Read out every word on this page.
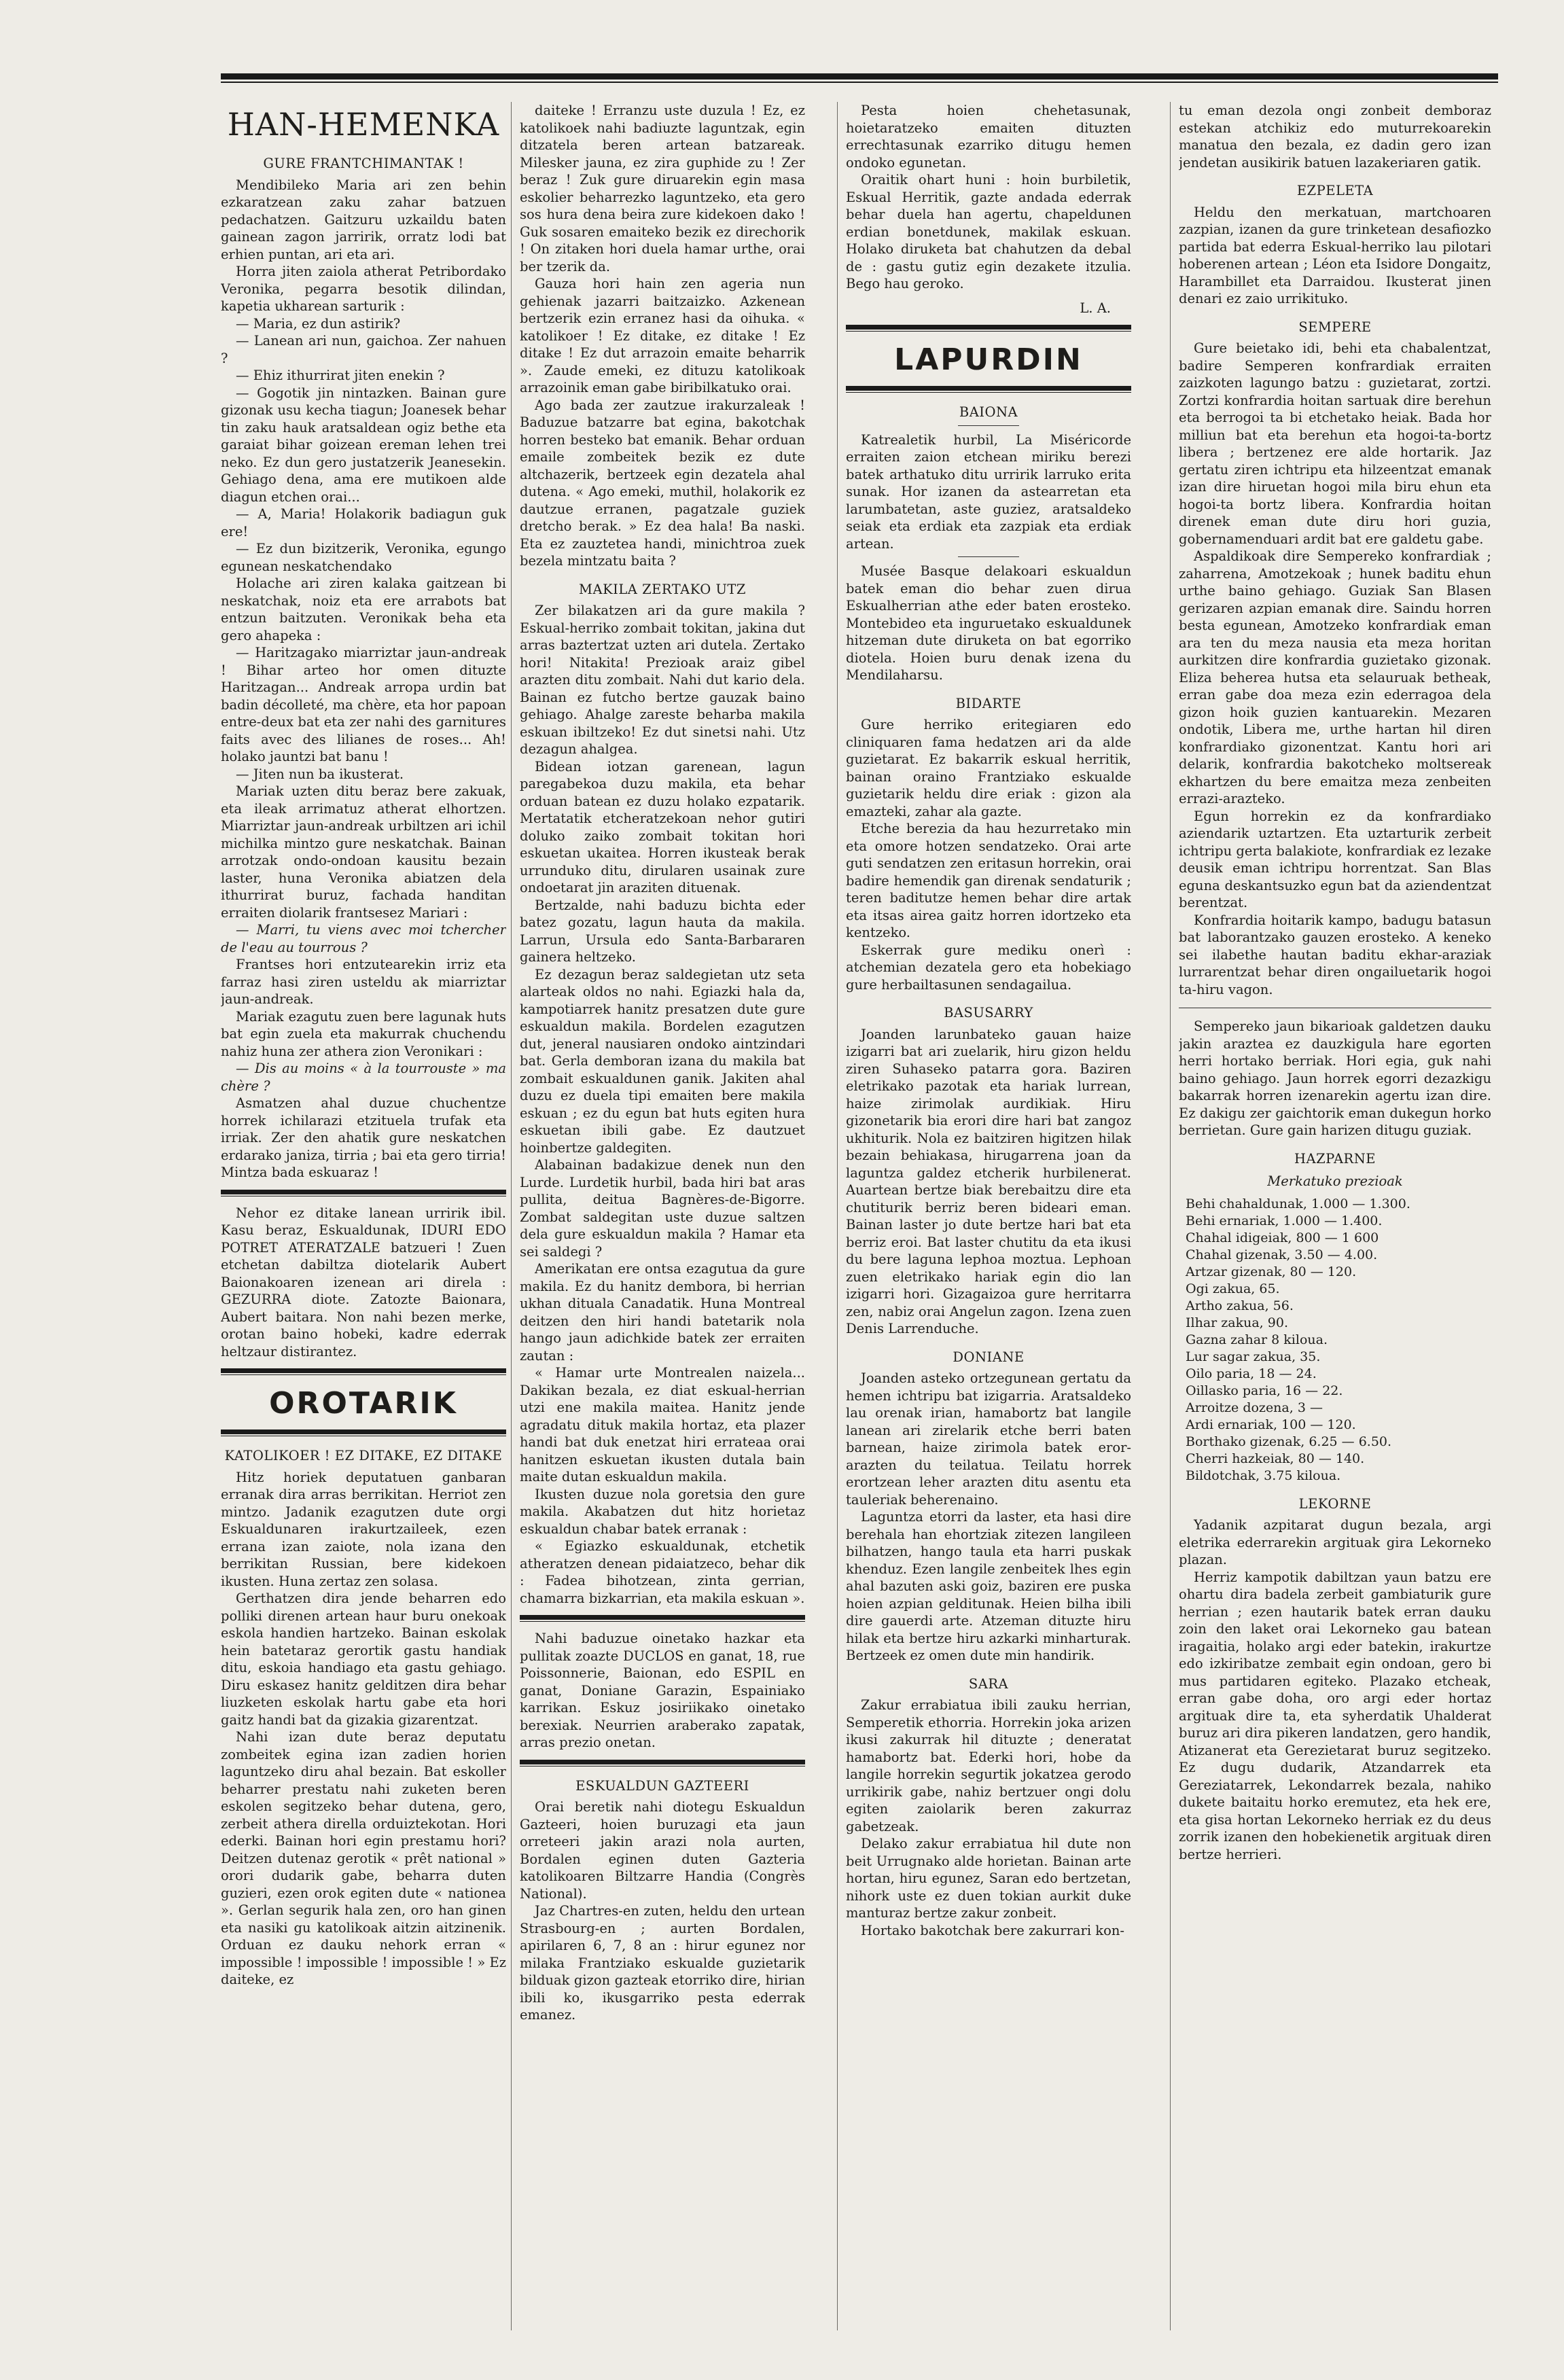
HAN-HEMENKA
GURE FRANTCHIMANTAK !

Mendibileko Maria ari zen behin ezkaratzean zaku zahar batzuen pedachatzen. Gaitzuru uzkaildu baten gainean zagon jarririk, orratz lodi bat erhien puntan, ari eta ari.

Horra jiten zaiola atherat Petribordako Veronika, pegarra besotik dilindan, kapetia ukharean sarturik :

— Maria, ez dun astirik?

— Lanean ari nun, gaichoa. Zer nahuen ?

— Ehiz ithurrirat jiten enekin ?

— Gogotik jin nintazken. Bainan gure gizonak usu kecha tiagun; Joanesek behar tin zaku hauk aratsaldean ogiz bethe eta garaiat bihar goizean ereman lehen trei neko. Ez dun gero justatzerik Jeanesekin. Gehiago dena, ama ere mutikoen alde diagun etchen orai...

— A, Maria! Holakorik badiagun guk ere!

— Ez dun bizitzerik, Veronika, egungo egunean neskatchendako

Holache ari ziren kalaka gaitzean bi neskatchak, noiz eta ere arrabots bat entzun baitzuten. Veronikak beha eta gero ahapeka :

— Haritzagako miarriztar jaun-andreak ! Bihar arteo hor omen dituzte Haritzagan... Andreak arropa urdin bat badin décolleté, ma chère, eta hor papoan entre-deux bat eta zer nahi des garnitures faits avec des lilianes de roses... Ah! holako jauntzi bat banu !

— Jiten nun ba ikusterat.

Mariak uzten ditu beraz bere zakuak, eta ileak arrimatuz atherat elhortzen. Miarriztar jaun-andreak urbiltzen ari ichil michilka mintzo gure neskatchak. Bainan arrotzak ondo-ondoan kausitu bezain laster, huna Veronika abiatzen dela ithurrirat buruz, fachada handitan erraiten diolarik frantsesez Mariari :

— Marri, tu viens avec moi tchercher de l'eau au tourrous ?

Frantses hori entzutearekin irriz eta farraz hasi ziren usteldu ak miarriztar jaun-andreak.

Mariak ezagutu zuen bere lagunak huts bat egin zuela eta makurrak chuchendu nahiz huna zer athera zion Veronikari :

— Dis au moins « à la tourrouste » ma chère ?

Asmatzen ahal duzue chuchentze horrek ichilarazi etzituela trufak eta irriak. Zer den ahatik gure neskatchen erdarako janiza, tirria ; bai eta gero tirria! Mintza bada eskuaraz !

Nehor ez ditake lanean urririk ibil. Kasu beraz, Eskualdunak, IDURI EDO POTRET ATERATZALE batzueri ! Zuen etchetan dabiltza diotelarik Aubert Baionakoaren izenean ari direla : GEZURRA diote. Zatozte Baionara, Aubert baitara. Non nahi bezen merke, orotan baino hobeki, kadre ederrak heltzaur distirantez.

OROTARIK
KATOLIKOER ! EZ DITAKE, EZ DITAKE

Hitz horiek deputatuen ganbaran erranak dira arras berrikitan. Herriot zen mintzo. Jadanik ezagutzen dute orgi Eskualdunaren irakurtzaileek, ezen errana izan zaiote, nola izana den berrikitan Russian, bere kidekoen ikusten. Huna zertaz zen solasa.

Gerthatzen dira jende beharren edo polliki direnen artean haur buru onekoak eskola handien hartzeko. Bainan eskolak hein batetaraz gerortik gastu handiak ditu, eskoia handiago eta gastu gehiago. Diru eskasez hanitz gelditzen dira behar liuzketen eskolak hartu gabe eta hori gaitz handi bat da gizakia gizarentzat.

Nahi izan dute beraz deputatu zombeitek egina izan zadien horien laguntzeko diru ahal bezain. Bat eskoller beharrer prestatu nahi zuketen beren eskolen segitzeko behar dutena, gero, zerbeit athera dirella orduiztekotan. Hori ederki. Bainan hori egin prestamu hori? Deitzen dutenaz gerotik « prêt national » orori dudarik gabe, beharra duten guzieri, ezen orok egiten dute « nationea ». Gerlan segurik hala zen, oro han ginen eta nasiki gu katolikoak aitzin aitzinenik. Orduan ez dauku nehork erran « impossible ! impossible ! impossible ! » Ez daiteke, ez

daiteke ! Erranzu uste duzula ! Ez, ez katolikoek nahi badiuzte laguntzak, egin ditzatela beren artean batzareak. Milesker jauna, ez zira guphide zu ! Zer beraz ! Zuk gure diruarekin egin masa eskolier beharrezko laguntzeko, eta gero sos hura dena beira zure kidekoen dako ! Guk sosaren emaiteko bezik ez direchorik ! On zitaken hori duela hamar urthe, orai ber tzerik da.

Gauza hori hain zen ageria nun gehienak jazarri baitzaizko. Azkenean bertzerik ezin erranez hasi da oihuka. « katolikoer ! Ez ditake, ez ditake ! Ez ditake ! Ez dut arrazoin emaite beharrik ». Zaude emeki, ez dituzu katolikoak arrazoinik eman gabe biribilkatuko orai.

Ago bada zer zautzue irakurzaleak ! Baduzue batzarre bat egina, bakotchak horren besteko bat emanik. Behar orduan emaile zombeitek bezik ez dute altchazerik, bertzeek egin dezatela ahal dutena. « Ago emeki, muthil, holakorik ez dautzue erranen, pagatzale guziek dretcho berak. » Ez dea hala! Ba naski. Eta ez zauztetea handi, minichtroa zuek bezela mintzatu baita ?

MAKILA ZERTAKO UTZ

Zer bilakatzen ari da gure makila ? Eskual-herriko zombait tokitan, jakina dut arras baztertzat uzten ari dutela. Zertako hori! Nitakita! Prezioak araiz gibel arazten ditu zombait. Nahi dut kario dela. Bainan ez futcho bertze gauzak baino gehiago. Ahalge zareste beharba makila eskuan ibiltzeko! Ez dut sinetsi nahi. Utz dezagun ahalgea.

Bidean iotzan garenean, lagun paregabekoa duzu makila, eta behar orduan batean ez duzu holako ezpatarik. Mertatatik etcheratzekoan nehor gutiri doluko zaiko zombait tokitan hori eskuetan ukaitea. Horren ikusteak berak urrunduko ditu, dirularen usainak zure ondoetarat jin araziten dituenak.

Bertzalde, nahi baduzu bichta eder batez gozatu, lagun hauta da makila. Larrun, Ursula edo Santa-Barbararen gainera heltzeko.

Ez dezagun beraz saldegietan utz seta alarteak oldos no nahi. Egiazki hala da, kampotiarrek hanitz presatzen dute gure eskualdun makila. Bordelen ezagutzen dut, jeneral nausiaren ondoko aintzindari bat. Gerla demboran izana du makila bat zombait eskualdunen ganik. Jakiten ahal duzu ez duela tipi emaiten bere makila eskuan ; ez du egun bat huts egiten hura eskuetan ibili gabe. Ez dautzuet hoinbertze galdegiten.

Alabainan badakizue denek nun den Lurde. Lurdetik hurbil, bada hiri bat aras pullita, deitua Bagnères-de-Bigorre. Zombat saldegitan uste duzue saltzen dela gure eskualdun makila ? Hamar eta sei saldegi ?

Amerikatan ere ontsa ezagutua da gure makila. Ez du hanitz dembora, bi herrian ukhan dituala Canadatik. Huna Montreal deitzen den hiri handi batetarik nola hango jaun adichkide batek zer erraiten zautan :

« Hamar urte Montrealen naizela... Dakikan bezala, ez diat eskual-herrian utzi ene makila maitea. Hanitz jende agradatu dituk makila hortaz, eta plazer handi bat duk enetzat hiri errateaa orai hanitzen eskuetan ikusten dutala bain maite dutan eskualdun makila.

Ikusten duzue nola goretsia den gure makila. Akabatzen dut hitz horietaz eskualdun chabar batek erranak :

« Egiazko eskualdunak, etchetik atheratzen denean pidaiatzeco, behar dik : Fadea bihotzean, zinta gerrian, chamarra bizkarrian, eta makila eskuan ».

Nahi baduzue oinetako hazkar eta pullitak zoazte DUCLOS en ganat, 18, rue Poissonnerie, Baionan, edo ESPIL en ganat, Doniane Garazin, Espainiako karrikan. Eskuz josiriikako oinetako berexiak. Neurrien araberako zapatak, arras prezio onetan.

ESKUALDUN GAZTEERI

Orai beretik nahi diotegu Eskualdun Gazteeri, hoien buruzagi eta jaun orreteeri jakin arazi nola aurten, Bordalen eginen duten Gazteria katolikoaren Biltzarre Handia (Congrès National).

Jaz Chartres-en zuten, heldu den urtean Strasbourg-en ; aurten Bordalen, apirilaren 6, 7, 8 an : hirur egunez nor milaka Frantziako eskualde guzietarik bilduak gizon gazteak etorriko dire, hirian ibili ko, ikusgarriko pesta ederrak emanez.

Pesta hoien chehetasunak, hoietaratzeko emaiten dituzten errechtasunak ezarriko ditugu hemen ondoko egunetan.

Oraitik ohart huni : hoin burbiletik, Eskual Herritik, gazte andada ederrak behar duela han agertu, chapeldunen erdian bonetdunek, makilak eskuan. Holako diruketa bat chahutzen da debal de : gastu gutiz egin dezakete itzulia. Bego hau geroko.

L. A.
LAPURDIN
BAIONA

Katrealetik hurbil, La Miséricorde erraiten zaion etchean miriku berezi batek arthatuko ditu urririk larruko erita sunak. Hor izanen da astearretan eta larumbatetan, aste guziez, aratsaldeko seiak eta erdiak eta zazpiak eta erdiak artean.

Musée Basque delakoari eskualdun batek eman dio behar zuen dirua Eskualherrian athe eder baten erosteko. Montebideo eta inguruetako eskualdunek hitzeman dute diruketa on bat egorriko diotela. Hoien buru denak izena du Mendilaharsu.

BIDARTE

Gure herriko eritegiaren edo cliniquaren fama hedatzen ari da alde guzietarat. Ez bakarrik eskual herritik, bainan oraino Frantziako eskualde guzietarik heldu dire eriak : gizon ala emazteki, zahar ala gazte.

Etche berezia da hau hezurretako min eta omore hotzen sendatzeko. Orai arte guti sendatzen zen eritasun horrekin, orai badire hemendik gan direnak sendaturik ; teren baditutze hemen behar dire artak eta itsas airea gaitz horren idortzeko eta kentzeko.

Eskerrak gure mediku onerì : atchemian dezatela gero eta hobekiago gure herbailtasunen sendagailua.

BASUSARRY

Joanden larunbateko gauan haize izigarri bat ari zuelarik, hiru gizon heldu ziren Suhaseko patarra gora. Baziren eletrikako pazotak eta hariak lurrean, haize zirimolak aurdikiak. Hiru gizonetarik bia erori dire hari bat zangoz ukhiturik. Nola ez baitziren higitzen hilak bezain behiakasa, hirugarrena joan da laguntza galdez etcherik hurbilenerat. Auartean bertze biak berebaitzu dire eta chutiturik berriz beren bideari eman. Bainan laster jo dute bertze hari bat eta berriz eroi. Bat laster chutitu da eta ikusi du bere laguna lephoa moztua. Lephoan zuen eletrikako hariak egin dio lan izigarri hori. Gizagaizoa gure herritarra zen, nabiz orai Angelun zagon. Izena zuen Denis Larrenduche.

DONIANE

Joanden asteko ortzegunean gertatu da hemen ichtripu bat izigarria. Aratsaldeko lau orenak irian, hamabortz bat langile lanean ari zirelarik etche berri baten barnean, haize zirimola batek eror-arazten du teilatua. Teilatu horrek erortzean leher arazten ditu asentu eta tauleriak beherenaino.

Laguntza etorri da laster, eta hasi dire berehala han ehortziak zitezen langileen bilhatzen, hango taula eta harri puskak khenduz. Ezen langile zenbeitek lhes egin ahal bazuten aski goiz, baziren ere puska hoien azpian gelditunak. Heien bilha ibili dire gauerdi arte. Atzeman dituzte hiru hilak eta bertze hiru azkarki minharturak. Bertzeek ez omen dute min handirik.

SARA

Zakur errabiatua ibili zauku herrian, Semperetik ethorria. Horrekin joka arizen ikusi zakurrak hil dituzte ; deneratat hamabortz bat. Ederki hori, hobe da langile horrekin segurtik jokatzea gerodo urrikirik gabe, nahiz bertzuer ongi dolu egiten zaiolarik beren zakurraz gabetzeak.

Delako zakur errabiatua hil dute non beit Urrugnako alde horietan. Bainan arte hortan, hiru egunez, Saran edo bertzetan, nihork uste ez duen tokian aurkit duke manturaz bertze zakur zonbeit.

Hortako bakotchak bere zakurrari kon-

tu eman dezola ongi zonbeit demboraz estekan atchikiz edo muturrekoarekin manatua den bezala, ez dadin gero izan jendetan ausikirik batuen lazakeriaren gatik.

EZPELETA

Heldu den merkatuan, martchoaren zazpian, izanen da gure trinketean desafiozko partida bat ederra Eskual-herriko lau pilotari hoberenen artean ; Léon eta Isidore Dongaitz, Harambillet eta Darraidou. Ikusterat jinen denari ez zaio urrikituko.

SEMPERE

Gure beietako idi, behi eta chabalentzat, badire Semperen konfrardiak erraiten zaizkoten lagungo batzu : guzietarat, zortzi. Zortzi konfrardia hoitan sartuak dire berehun eta berrogoi ta bi etchetako heiak. Bada hor milliun bat eta berehun eta hogoi-ta-bortz libera ; bertzenez ere alde hortarik. Jaz gertatu ziren ichtripu eta hilzeentzat emanak izan dire hiruetan hogoi mila biru ehun eta hogoi-ta bortz libera. Konfrardia hoitan direnek eman dute diru hori guzia, gobernamenduari ardit bat ere galdetu gabe.

Aspaldikoak dire Sempereko konfrardiak ; zaharrena, Amotzekoak ; hunek baditu ehun urthe baino gehiago. Guziak San Blasen gerizaren azpian emanak dire. Saindu horren besta egunean, Amotzeko konfrardiak eman ara ten du meza nausia eta meza horitan aurkitzen dire konfrardia guzietako gizonak. Eliza beherea hutsa eta selauruak betheak, erran gabe doa meza ezin ederragoa dela gizon hoik guzien kantuarekin. Mezaren ondotik, Libera me, urthe hartan hil diren konfrardiako gizonentzat. Kantu hori ari delarik, konfrardia bakotcheko moltsereak ekhartzen du bere emaitza meza zenbeiten errazi-arazteko.

Egun horrekin ez da konfrardiako aziendarik uztartzen. Eta uztarturik zerbeit ichtripu gerta balakiote, konfrardiak ez lezake deusik eman ichtripu horrentzat. San Blas eguna deskantsuzko egun bat da aziendentzat berentzat.

Konfrardia hoitarik kampo, badugu batasun bat laborantzako gauzen erosteko. A keneko sei ilabethe hautan baditu ekhar-araziak lurrarentzat behar diren ongailuetarik hogoi ta-hiru vagon.

Sempereko jaun bikarioak galdetzen dauku jakin araztea ez dauzkigula hare egorten herri hortako berriak. Hori egia, guk nahi baino gehiago. Jaun horrek egorri dezazkigu bakarrak horren izenarekin agertu izan dire. Ez dakigu zer gaichtorik eman dukegun horko berrietan. Gure gain harizen ditugu guziak.

HAZPARNE
Merkatuko prezioak

Behi chahaldunak, 1.000 — 1.300.

Behi ernariak, 1.000 — 1.400.

Chahal idigeiak, 800 — 1 600

Chahal gizenak, 3.50 — 4.00.

Artzar gizenak, 80 — 120.

Ogi zakua, 65.

Artho zakua, 56.

Ilhar zakua, 90.

Gazna zahar 8 kiloua.

Lur sagar zakua, 35.

Oilo paria, 18 — 24.

Oillasko paria, 16 — 22.

Arroitze dozena, 3 —

Ardi ernariak, 100 — 120.

Borthako gizenak, 6.25 — 6.50.

Cherri hazkeiak, 80 — 140.

Bildotchak, 3.75 kiloua.

LEKORNE

Yadanik azpitarat dugun bezala, argi eletrika ederrarekin argituak gira Lekorneko plazan.

Herriz kampotik dabiltzan yaun batzu ere ohartu dira badela zerbeit gambiaturik gure herrian ; ezen hautarik batek erran dauku zoin den laket orai Lekorneko gau batean iragaitia, holako argi eder batekin, irakurtze edo izkiribatze zembait egin ondoan, gero bi mus partidaren egiteko. Plazako etcheak, erran gabe doha, oro argi eder hortaz argituak dire ta, eta syherdatik Uhalderat buruz ari dira pikeren landatzen, gero handik, Atizanerat eta Gerezietarat buruz segitzeko. Ez dugu dudarik, Atzandarrek eta Gereziatarrek, Lekondarrek bezala, nahiko dukete baitaitu horko eremutez, eta hek ere, eta gisa hortan Lekorneko herriak ez du deus zorrik izanen den hobekienetik argituak diren bertze herrieri.
